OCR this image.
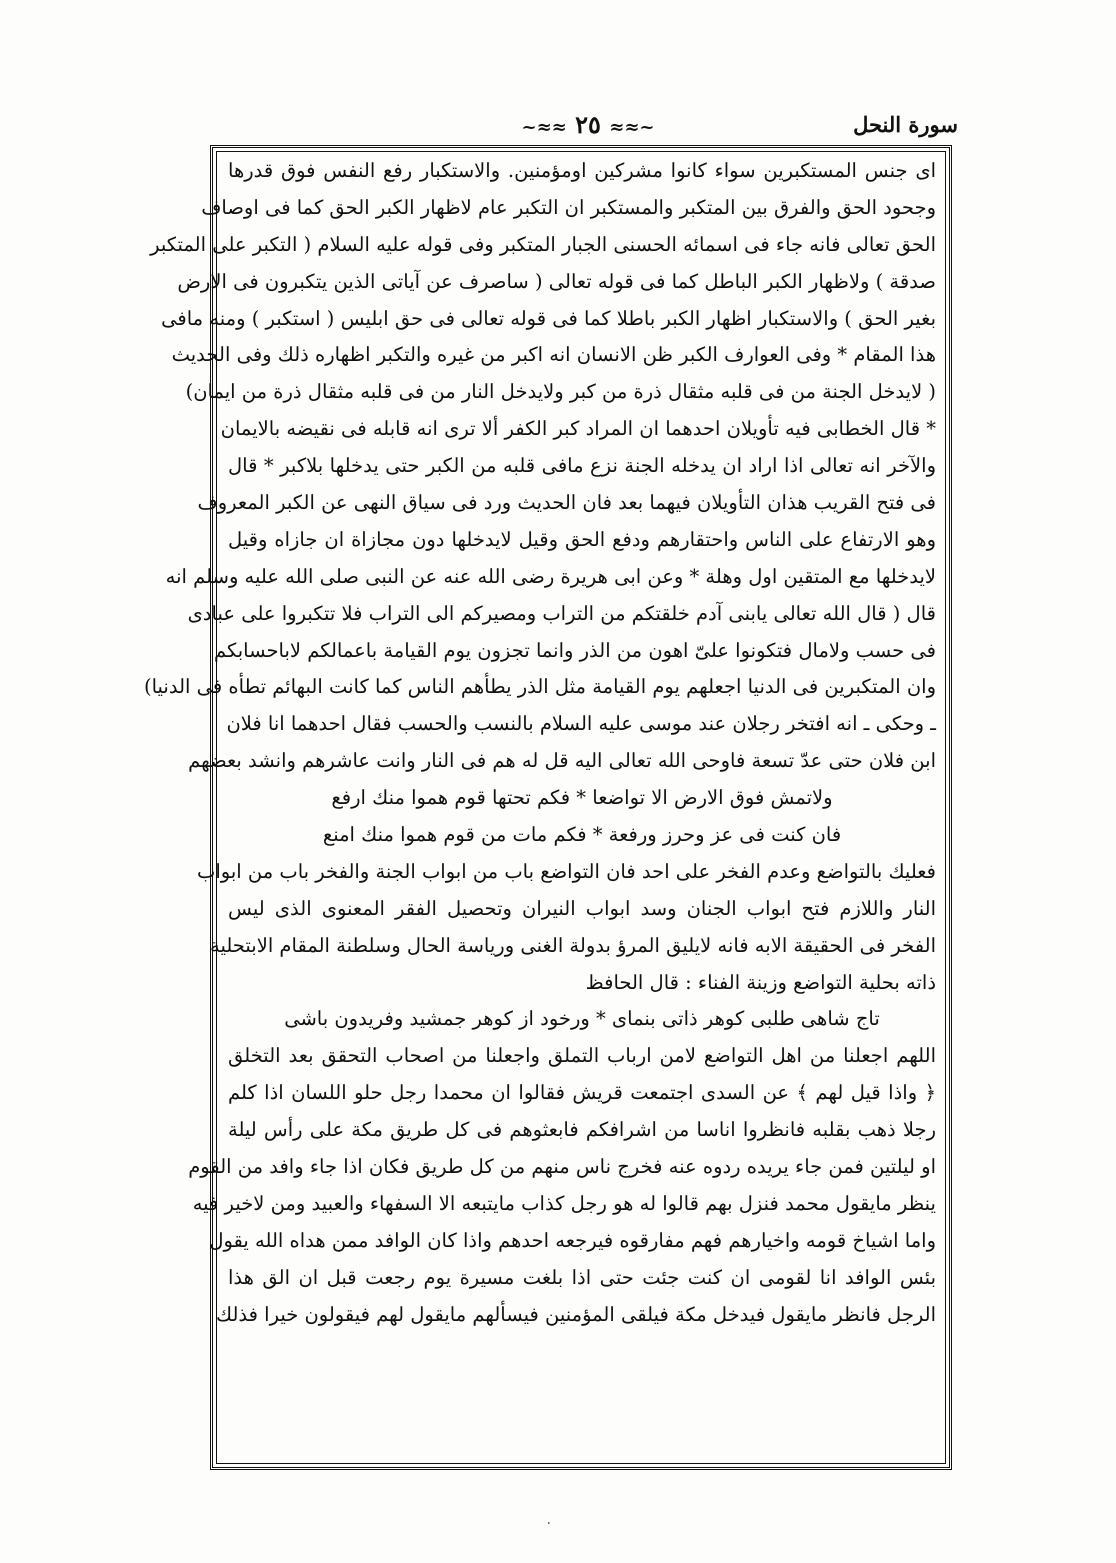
سورة النحل
~≈≈ ٢٥ ≈≈~
اى جنس المستكبرين سواء كانوا مشركين اومؤمنين. والاستكبار رفع النفس فوق قدرها
وجحود الحق والفرق بين المتكبر والمستكبر ان التكبر عام لاظهار الكبر الحق كما فى اوصاف
الحق تعالى فانه جاء فى اسمائه الحسنى الجبار المتكبر وفى قوله عليه السلام ( التكبر على المتكبر
صدقة ) ولاظهار الكبر الباطل كما فى قوله تعالى ( ساصرف عن آياتى الذين يتكبرون فى الارض
بغير الحق ) والاستكبار اظهار الكبر باطلا كما فى قوله تعالى فى حق ابليس ( استكبر ) ومنه مافى
هذا المقام * وفى العوارف الكبر ظن الانسان انه اكبر من غيره والتكبر اظهاره ذلك وفى الحديث
( لايدخل الجنة من فى قلبه مثقال ذرة من كبر ولايدخل النار من فى قلبه مثقال ذرة من ايمان)
* قال الخطابى فيه تأويلان احدهما ان المراد كبر الكفر ألا ترى انه قابله فى نقيضه بالايمان
والآخر انه تعالى اذا اراد ان يدخله الجنة نزع مافى قلبه من الكبر حتى يدخلها بلاكبر * قال
فى فتح القريب هذان التأويلان فيهما بعد فان الحديث ورد فى سياق النهى عن الكبر المعروف
وهو الارتفاع على الناس واحتقارهم ودفع الحق وقيل لايدخلها دون مجازاة ان جازاه وقيل
لايدخلها مع المتقين اول وهلة * وعن ابى هريرة رضى الله عنه عن النبى صلى الله عليه وسلم انه
قال ( قال الله تعالى يابنى آدم خلقتكم من التراب ومصيركم الى التراب فلا تتكبروا على عبادى
فى حسب ولامال فتكونوا علىّ اهون من الذر وانما تجزون يوم القيامة باعمالكم لاباحسابكم
وان المتكبرين فى الدنيا اجعلهم يوم القيامة مثل الذر يطأهم الناس كما كانت البهائم تطأه فى الدنيا)
ـ وحكى ـ انه افتخر رجلان عند موسى عليه السلام بالنسب والحسب فقال احدهما انا فلان
ابن فلان حتى عدّ تسعة فاوحى الله تعالى اليه قل له هم فى النار وانت عاشرهم وانشد بعضهم
ولاتمش فوق الارض الا تواضعا * فكم تحتها قوم هموا منك ارفع
فان كنت فى عز وحرز ورفعة * فكم مات من قوم هموا منك امنع
فعليك بالتواضع وعدم الفخر على احد فان التواضع باب من ابواب الجنة والفخر باب من ابواب
النار واللازم فتح ابواب الجنان وسد ابواب النيران وتحصيل الفقر المعنوى الذى ليس
الفخر فى الحقيقة الابه فانه لايليق المرؤ بدولة الغنى ورياسة الحال وسلطنة المقام الابتحلية
ذاته بحلية التواضع وزينة الفناء : قال الحافظ
تاج شاهى طلبى كوهر ذاتى بنماى * ورخود از كوهر جمشيد وفريدون باشى
اللهم اجعلنا من اهل التواضع لامن ارباب التملق واجعلنا من اصحاب التحقق بعد التخلق
﴿ واذا قيل لهم ﴾ عن السدى اجتمعت قريش فقالوا ان محمدا رجل حلو اللسان اذا كلم
رجلا ذهب بقلبه فانظروا اناسا من اشرافكم فابعثوهم فى كل طريق مكة على رأس ليلة
او ليلتين فمن جاء يريده ردوه عنه فخرج ناس منهم من كل طريق فكان اذا جاء وافد من القوم
ينظر مايقول محمد فنزل بهم قالوا له هو رجل كذاب مايتبعه الا السفهاء والعبيد ومن لاخير فيه
واما اشياخ قومه واخيارهم فهم مفارقوه فيرجعه احدهم واذا كان الوافد ممن هداه الله يقول
بئس الوافد انا لقومى ان كنت جئت حتى اذا بلغت مسيرة يوم رجعت قبل ان الق هذا
الرجل فانظر مايقول فيدخل مكة فيلقى المؤمنين فيسألهم مايقول لهم فيقولون خيرا فذلك
٠
